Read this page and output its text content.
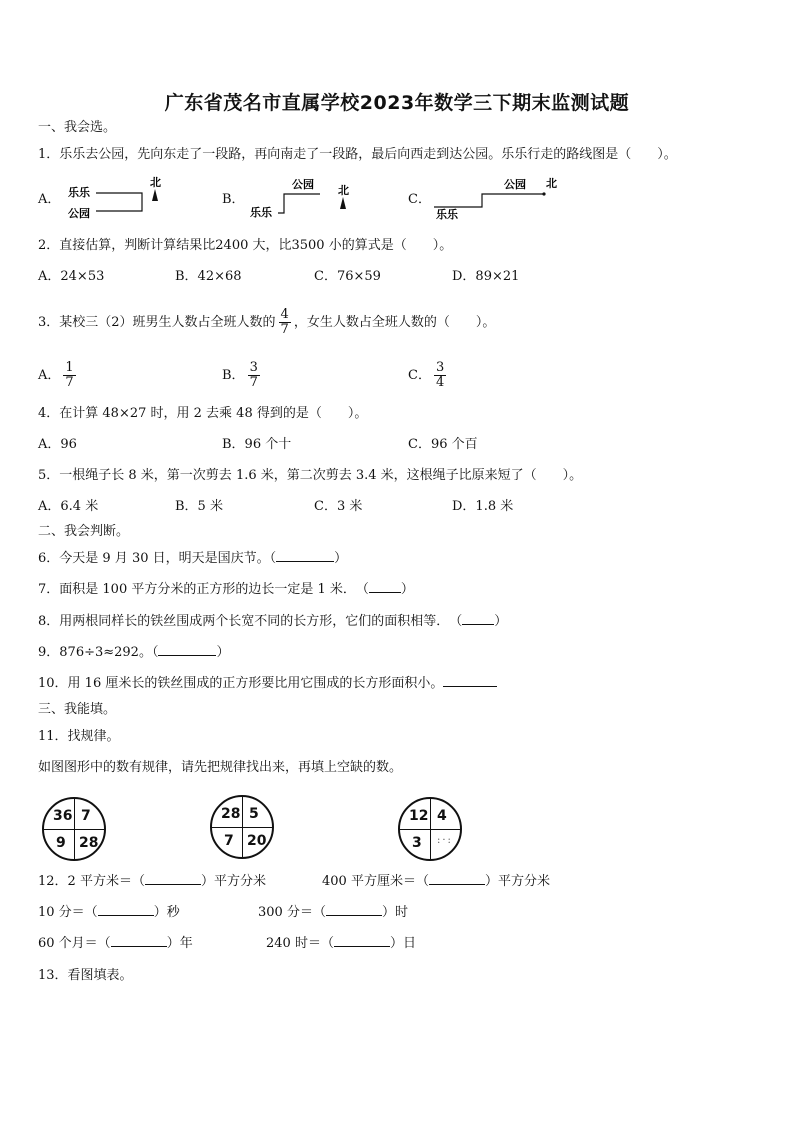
广东省茂名市直属学校2023年数学三下期末监测试题
一、我会选。
1．乐乐去公园，先向东走了一段路，再向南走了一段路，最后向西走到达公园。乐乐行走的路线图是（　　）。
A． 乐乐
公园
北
B．
公园
乐乐
北
C．
公园
乐乐
北
2．直接估算，判断计算结果比2400 大，比3500 小的算式是（　　）。
A．24×53	B．42×68	C．76×59	D．89×21
3．某校三（2）班男生人数占全班人数的 $\frac{4}{7}$ ，女生人数占全班人数的（　　）。
A． $\frac{1}{7}$	B． $\frac{3}{7}$	C． $\frac{3}{4}$
4．在计算 48×27 时，用 2 去乘 48 得到的是（　　）。
A．96	B．96 个十	C．96 个百
5．一根绳子长 8 米，第一次剪去 1.6 米，第二次剪去 3.4 米，这根绳子比原来短了（　　）。
A．6.4 米	B．5 米	C．3 米	D．1.8 米
二、我会判断。
6．今天是 9 月 30 日，明天是国庆节。（	）
7．面积是 100 平方分米的正方形的边长一定是 1 米．　（ ）
8．用两根同样长的铁丝围成两个长宽不同的长方形，它们的面积相等．　（ ）
9．876÷3≈292。（	）
10．用 16 厘米长的铁丝围成的正方形要比用它围成的长方形面积小。
三、我能填。
11．找规律。
如图图形中的数有规律，请先把规律找出来，再填上空缺的数。
36 7
9 28
28 5
7 20
12 4
3 :·:
12．2 平方米＝（	）平方分米	400 平方厘米＝（	）平方分米
10 分＝（	）秒	300 分＝（	）时
60 个月＝（	）年	240 时＝（	）日
13．看图填表。
